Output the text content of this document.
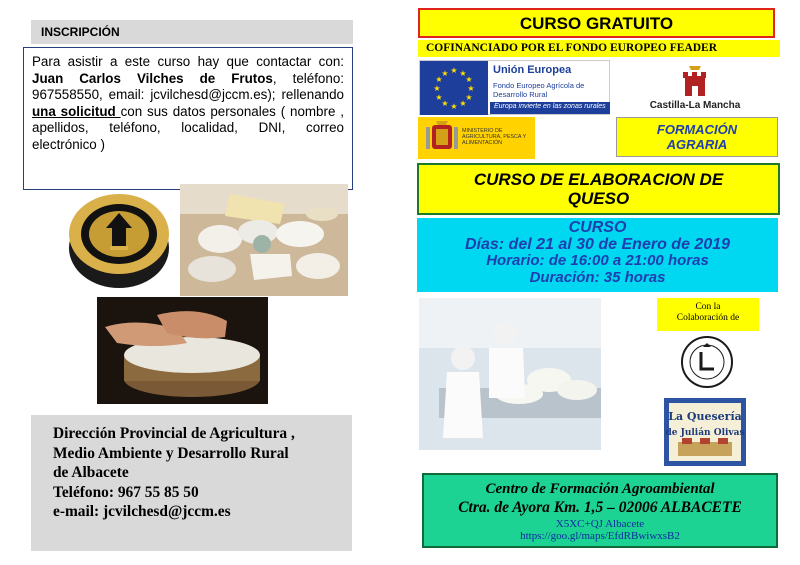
INSCRIPCIÓN
Para asistir a este curso hay que contactar con: Juan Carlos Vilches de Frutos, teléfono: 967558550, email: jcvilchesd@jccm.es); rellenando una solicitud con sus datos personales ( nombre , apellidos, teléfono, localidad, DNI, correo electrónico )
Dirección Provincial de Agricultura ,
Medio Ambiente y Desarrollo Rural
de Albacete
Teléfono: 967 55 85 50
e-mail: jcvilchesd@jccm.es
CURSO GRATUITO
COFINANCIADO POR EL FONDO EUROPEO FEADER
★ ★
★
★
★
★
★
★
★
★
★
★	Unión Europea
Fondo Europeo Agrícola de Desarrollo Rural
Europa invierte en las zonas rurales	Castilla-La Mancha
MINISTERIO DE AGRICULTURA, PESCA Y ALIMENTACIÓN
FORMACIÓN
AGRARIA
CURSO DE ELABORACION DE
QUESO
CURSO
Días: del 21 al 30 de Enero de 2019
Horario: de 16:00 a 21:00 horas
Duración: 35 horas
Con la
Colaboración de
La Quesería
de Julián Olivas
Centro de Formación Agroambiental
Ctra. de Ayora Km. 1,5 – 02006 ALBACETE
X5XC+QJ Albacete
https://goo.gl/maps/EfdRBwiwxsB2
